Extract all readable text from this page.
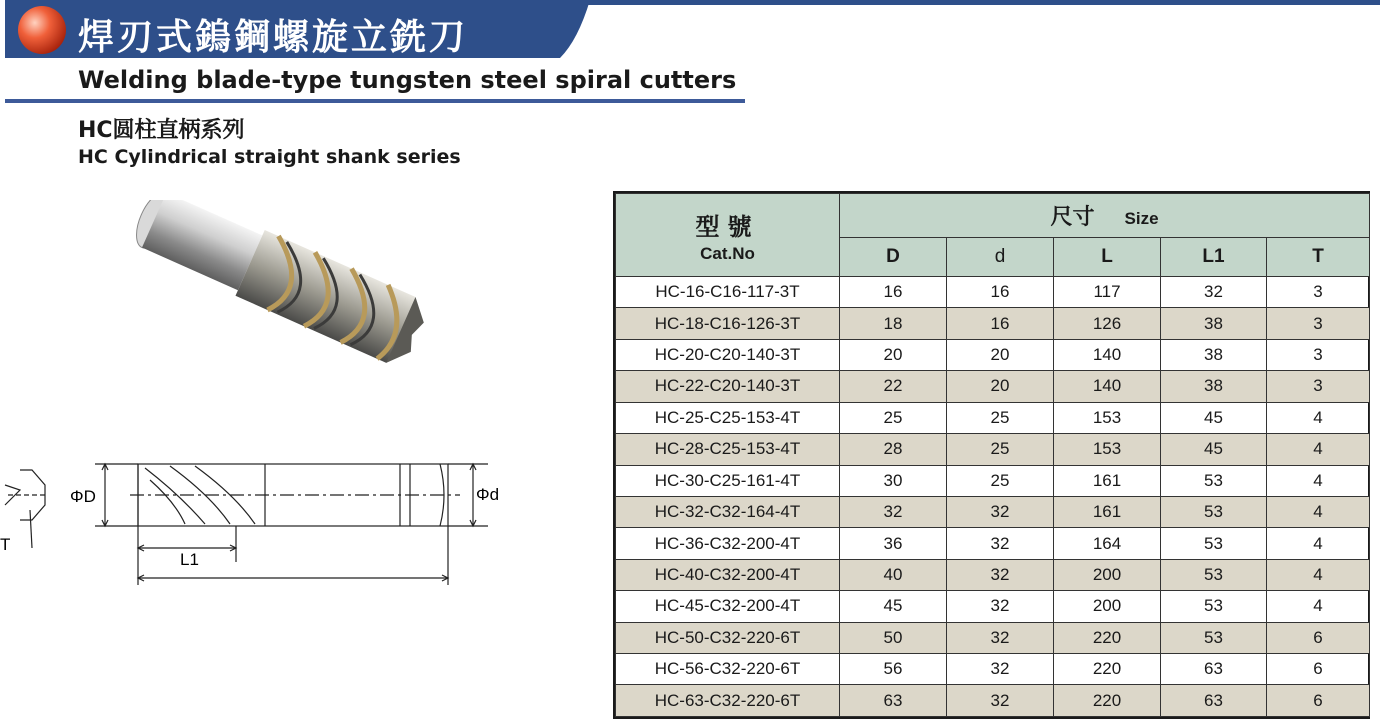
焊刃式鎢鋼螺旋立銑刀
Welding blade-type tungsten steel spiral cutters
HC圆柱直柄系列
HC Cylindrical straight shank series
ΦD	Φd
L1
T
型號
Cat.No	尺寸 Size				
	D	d	L	L1	T
HC-16-C16-117-3T	16	16	117	32	3
HC-18-C16-126-3T	18	16	126	38	3
HC-20-C20-140-3T	20	20	140	38	3
HC-22-C20-140-3T	22	20	140	38	3
HC-25-C25-153-4T	25	25	153	45	4
HC-28-C25-153-4T	28	25	153	45	4
HC-30-C25-161-4T	30	25	161	53	4
HC-32-C32-164-4T	32	32	161	53	4
HC-36-C32-200-4T	36	32	164	53	4
HC-40-C32-200-4T	40	32	200	53	4
HC-45-C32-200-4T	45	32	200	53	4
HC-50-C32-220-6T	50	32	220	53	6
HC-56-C32-220-6T	56	32	220	63	6
HC-63-C32-220-6T	63	32	220	63	6
